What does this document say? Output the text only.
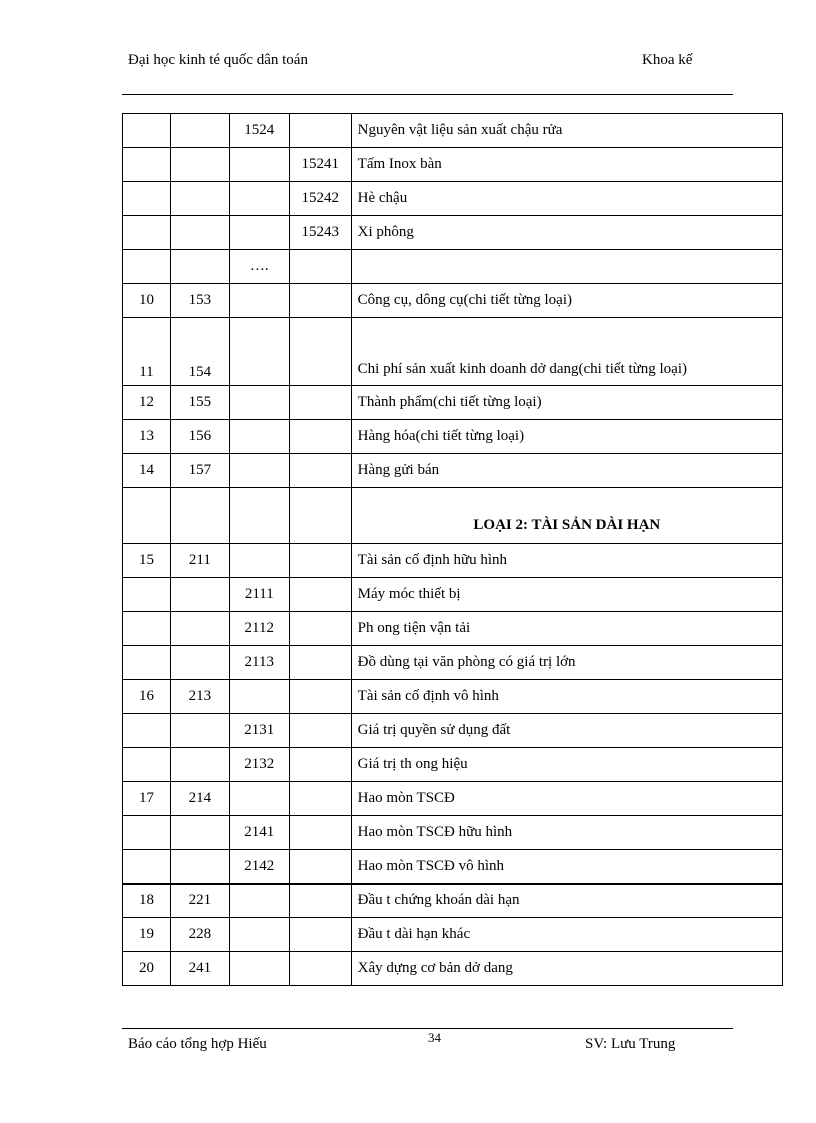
Đại học kinh té quốc dân toán	Khoa kế
		1524		Nguyên vật liệu sản xuất chậu rửa
			15241	Tấm Inox bàn
			15242	Hè chậu
			15243	Xi phông
		….		
10	153			Công cụ, dông cụ(chi tiết từng loại)
11	154			Chi phí sản xuất kinh doanh dở dang(chi tiết từng loại)
12	155			Thành phẩm(chi tiết từng loại)
13	156			Hàng hóa(chi tiết từng loại)
14	157			Hàng gửi bán
				LOẠI 2: TÀI SẢN DÀI HẠN
15	211			Tài sản cố định hữu hình
		2111		Máy móc thiết bị
		2112		Ph ong tiện vận tải
		2113		Đồ dùng tại văn phòng có giá trị lớn
16	213			Tài sản cố định vô hình
		2131		Giá trị quyền sử dụng đất
		2132		Giá trị th ong hiệu
17	214			Hao mòn TSCĐ
		2141		Hao mòn TSCĐ hữu hình
		2142		Hao mòn TSCĐ vô hình
18	221			Đầu t chứng khoán dài hạn
19	228			Đầu t dài hạn khác
20	241			Xây dựng cơ bản dở dang
Báo cáo tổng hợp Hiếu	34	SV: Lưu Trung
